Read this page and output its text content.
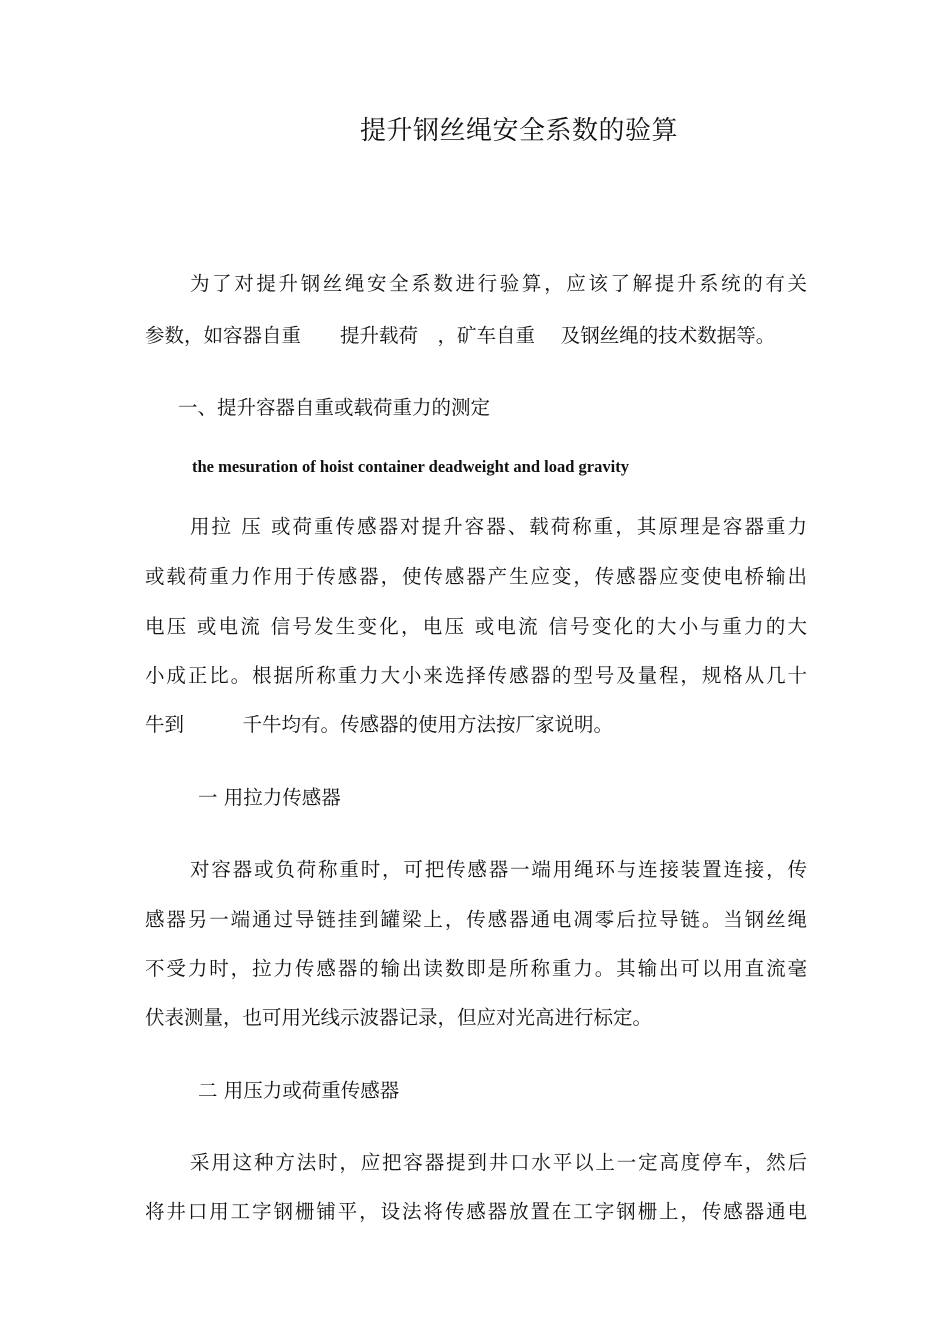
提升钢丝绳安全系数的验算
为了对提升钢丝绳安全系数进行验算，应该了解提升系统的有关
参数，如容器自重　　提升载荷　，矿车自重　 及钢丝绳的技术数据等。
一、提升容器自重或载荷重力的测定
the mesuration of hoist container deadweight and load gravity
用拉 压 或荷重传感器对提升容器、载荷称重，其原理是容器重力
或载荷重力作用于传感器，使传感器产生应变，传感器应变使电桥输出
电压 或电流 信号发生变化，电压 或电流 信号变化的大小与重力的大
小成正比。根据所称重力大小来选择传感器的型号及量程，规格从几十
牛到　　　千牛均有。传感器的使用方法按厂家说明。
一 用拉力传感器
对容器或负荷称重时，可把传感器一端用绳环与连接装置连接，传
感器另一端通过导链挂到罐梁上，传感器通电凋零后拉导链。当钢丝绳
不受力时，拉力传感器的输出读数即是所称重力。其输出可以用直流毫
伏表测量，也可用光线示波器记录，但应对光高进行标定。
二 用压力或荷重传感器
采用这种方法时，应把容器提到井口水平以上一定高度停车，然后
将井口用工字钢栅铺平，设法将传感器放置在工字钢栅上，传感器通电
